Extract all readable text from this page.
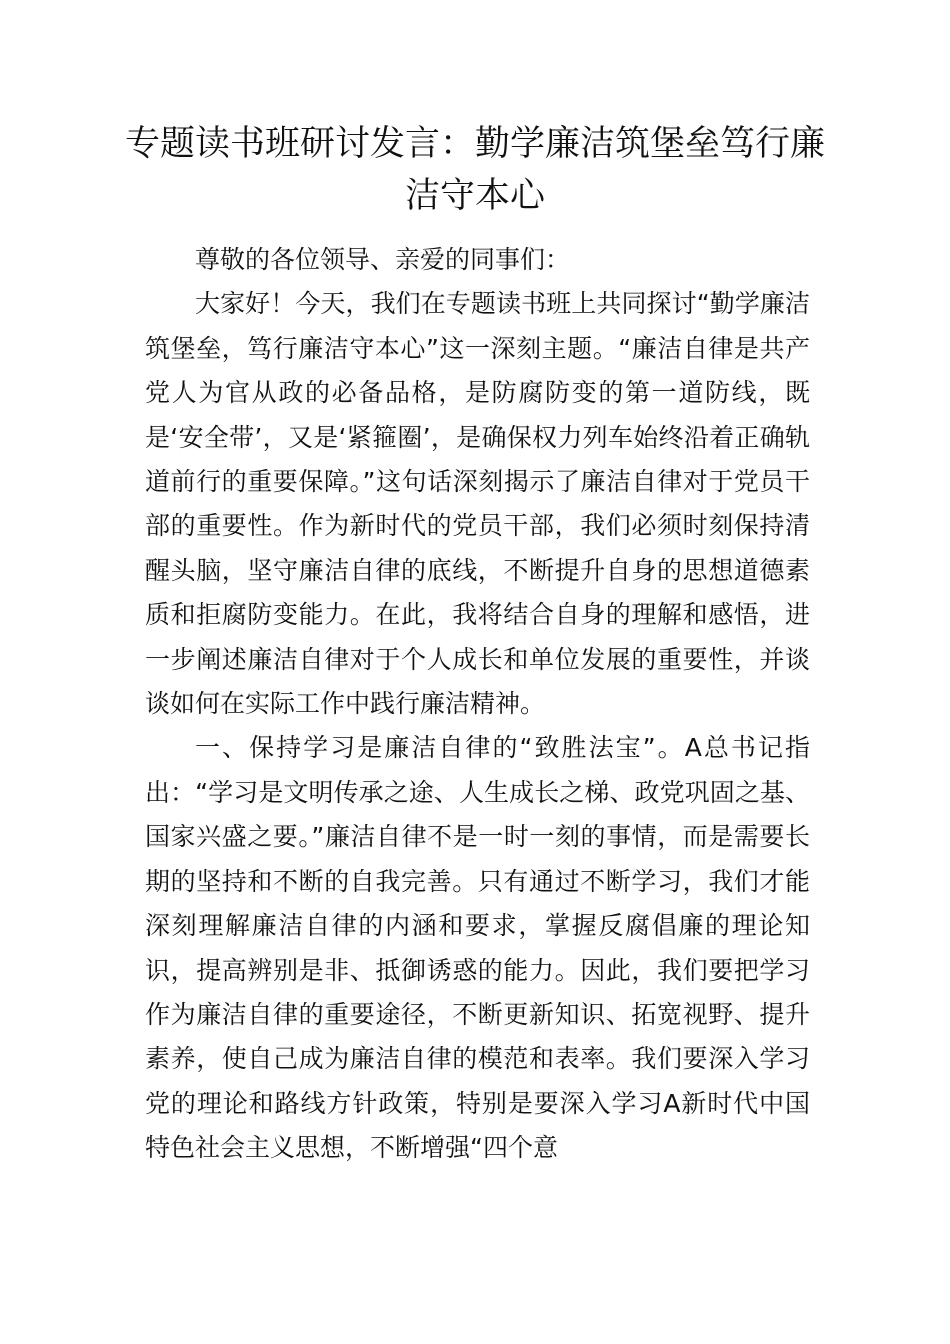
专题读书班研讨发言：勤学廉洁筑堡垒笃行廉洁守本心

尊敬的各位领导、亲爱的同事们：

大家好！今天，我们在专题读书班上共同探讨“勤学廉洁筑堡垒，笃行廉洁守本心”这一深刻主题。“廉洁自律是共产党人为官从政的必备品格，是防腐防变的第一道防线，既是‘安全带’，又是‘紧箍圈’，是确保权力列车始终沿着正确轨道前行的重要保障。”这句话深刻揭示了廉洁自律对于党员干部的重要性。作为新时代的党员干部，我们必须时刻保持清醒头脑，坚守廉洁自律的底线，不断提升自身的思想道德素质和拒腐防变能力。在此，我将结合自身的理解和感悟，进一步阐述廉洁自律对于个人成长和单位发展的重要性，并谈谈如何在实际工作中践行廉洁精神。

一、保持学习是廉洁自律的“致胜法宝”。A总书记指出：“学习是文明传承之途、人生成长之梯、政党巩固之基、国家兴盛之要。”廉洁自律不是一时一刻的事情，而是需要长期的坚持和不断的自我完善。只有通过不断学习，我们才能深刻理解廉洁自律的内涵和要求，掌握反腐倡廉的理论知识，提高辨别是非、抵御诱惑的能力。因此，我们要把学习作为廉洁自律的重要途径，不断更新知识、拓宽视野、提升素养，使自己成为廉洁自律的模范和表率。我们要深入学习党的理论和路线方针政策，特别是要深入学习A新时代中国特色社会主义思想，不断增强“四个意
